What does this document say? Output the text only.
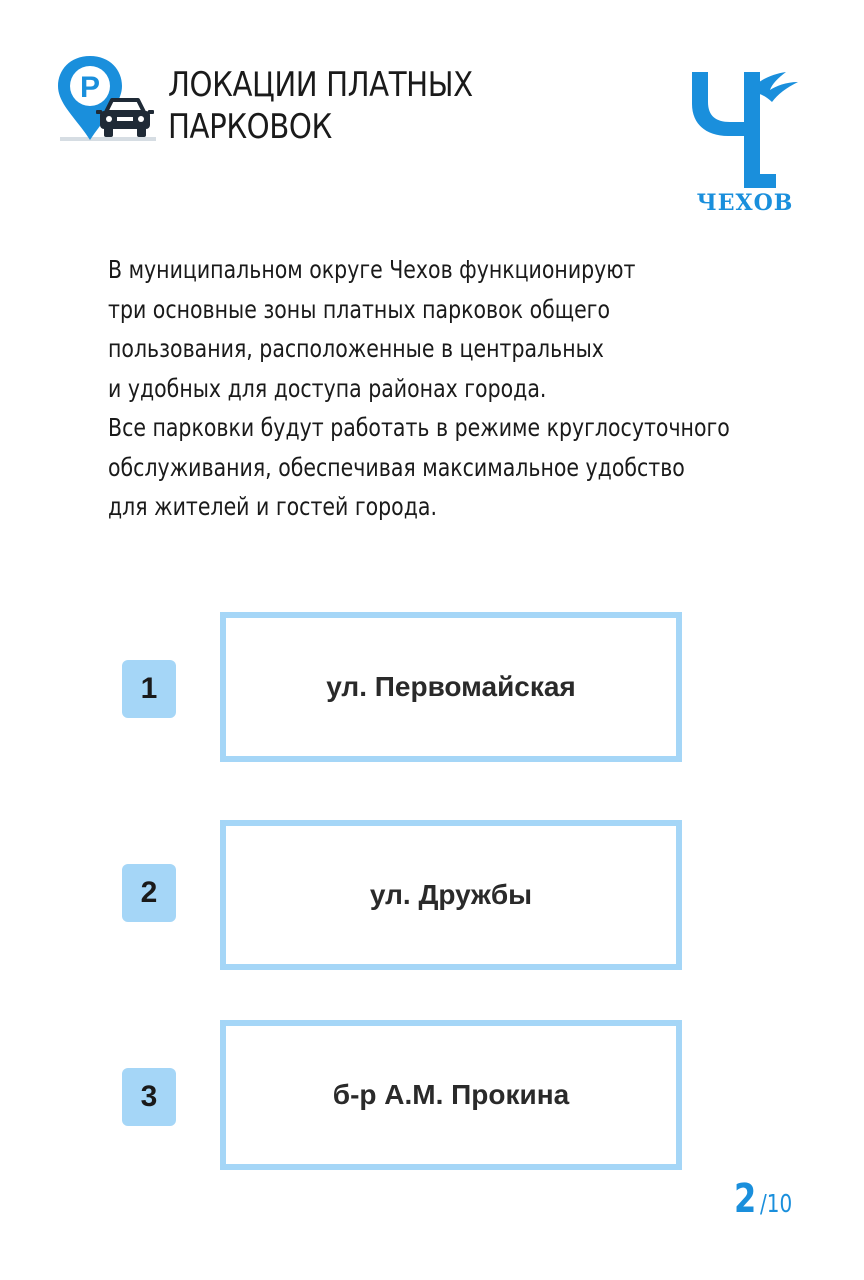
P ЛОКАЦИИ ПЛАТНЫХ
ПАРКОВОК
ЧЕХОВ
В муниципальном округе Чехов функционируют
три основные зоны платных парковок общего
пользования, расположенные в центральных
и удобных для доступа районах города.
Все парковки будут работать в режиме круглосуточного
обслуживания, обеспечивая максимальное удобство
для жителей и гостей города.
1	ул. Первомайская
2	ул. Дружбы
3	б-р А.М. Прокина
2 /10
